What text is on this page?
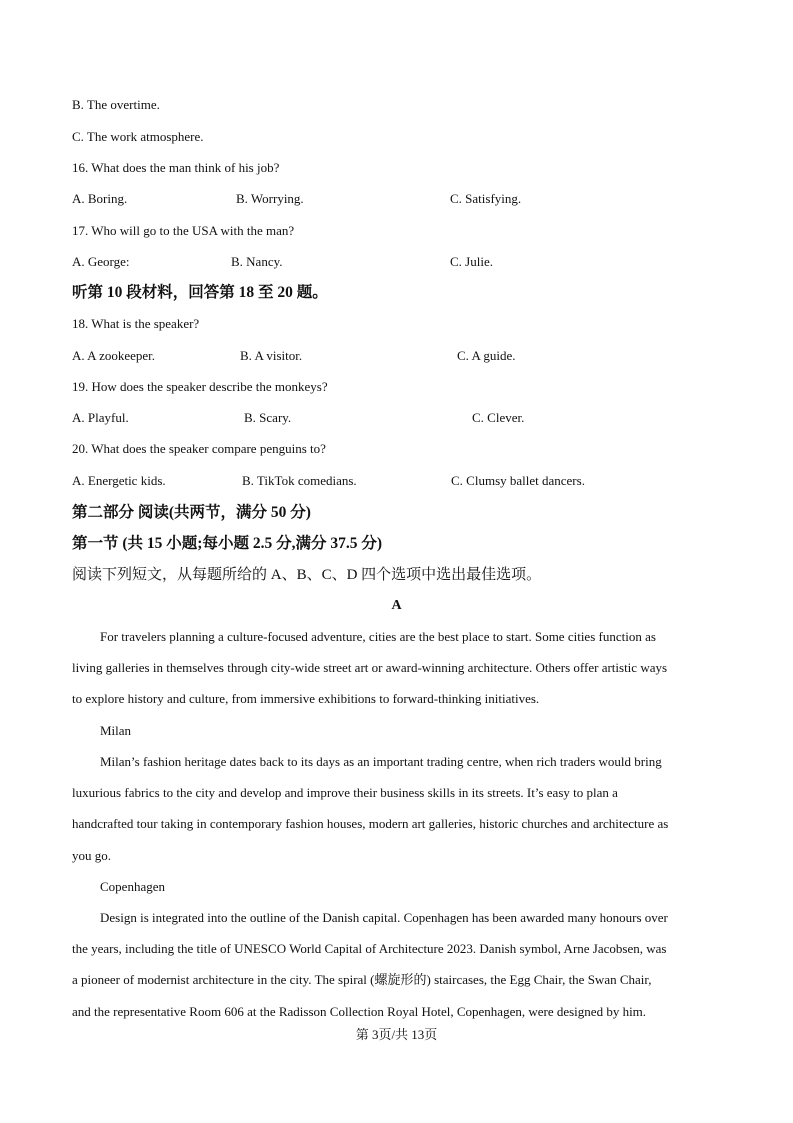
B. The overtime.
C. The work atmosphere.
16. What does the man think of his job?
A. Boring.	B. Worrying.	C. Satisfying.
17. Who will go to the USA with the man?
A. George:	B. Nancy.	C. Julie.
听第 10 段材料，回答第 18 至 20 题。
18. What is the speaker?
A. A zookeeper.	B. A visitor.	C. A guide.
19. How does the speaker describe the monkeys?
A. Playful.	B. Scary.	C. Clever.
20. What does the speaker compare penguins to?
A. Energetic kids.	B. TikTok comedians.	C. Clumsy ballet dancers.
第二部分 阅读(共两节，满分 50 分)
第一节 (共 15 小题;每小题 2.5 分,满分 37.5 分)
阅读下列短文，从每题所给的 A、B、C、D 四个选项中选出最佳选项。
A
For travelers planning a culture-focused adventure, cities are the best place to start. Some cities function as
living galleries in themselves through city-wide street art or award-winning architecture. Others offer artistic ways
to explore history and culture, from immersive exhibitions to forward-thinking initiatives.
Milan
Milan’s fashion heritage dates back to its days as an important trading centre, when rich traders would bring
luxurious fabrics to the city and develop and improve their business skills in its streets. It’s easy to plan a
handcrafted tour taking in contemporary fashion houses, modern art galleries, historic churches and architecture as
you go.
Copenhagen
Design is integrated into the outline of the Danish capital. Copenhagen has been awarded many honours over
the years, including the title of UNESCO World Capital of Architecture 2023. Danish symbol, Arne Jacobsen, was
a pioneer of modernist architecture in the city. The spiral (螺旋形的) staircases, the Egg Chair, the Swan Chair,
and the representative Room 606 at the Radisson Collection Royal Hotel, Copenhagen, were designed by him.
第 3页/共 13页
